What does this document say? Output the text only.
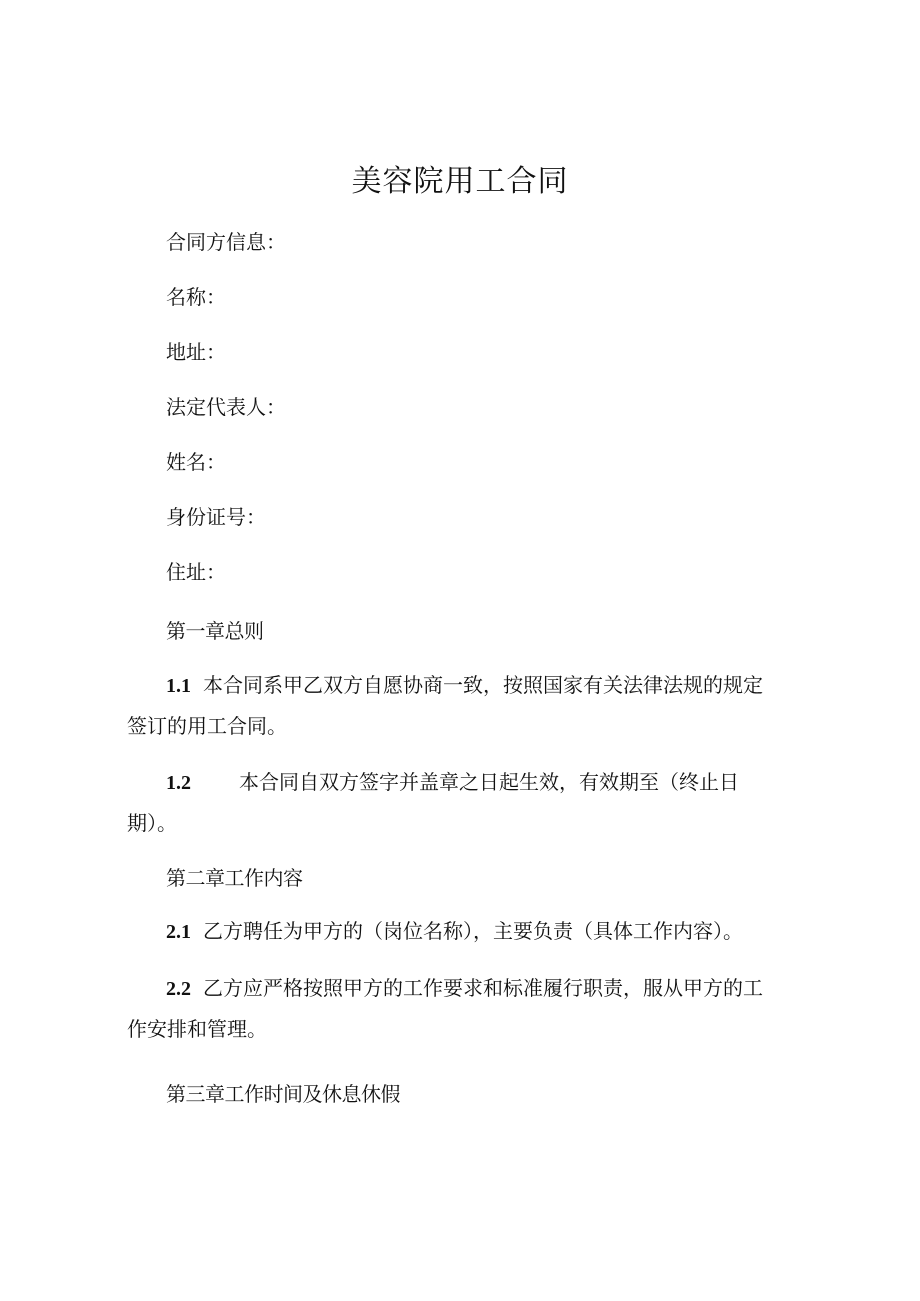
美容院用工合同
合同方信息：
名称：
地址：
法定代表人：
姓名：
身份证号：
住址：
第一章总则
1.1 本合同系甲乙双方自愿协商一致，按照国家有关法律法规的规定
签订的用工合同。
1.2 本合同自双方签字并盖章之日起生效，有效期至（终止日
期）。
第二章工作内容
2.1 乙方聘任为甲方的（岗位名称），主要负责（具体工作内容）。
2.2 乙方应严格按照甲方的工作要求和标准履行职责，服从甲方的工
作安排和管理。
第三章工作时间及休息休假
